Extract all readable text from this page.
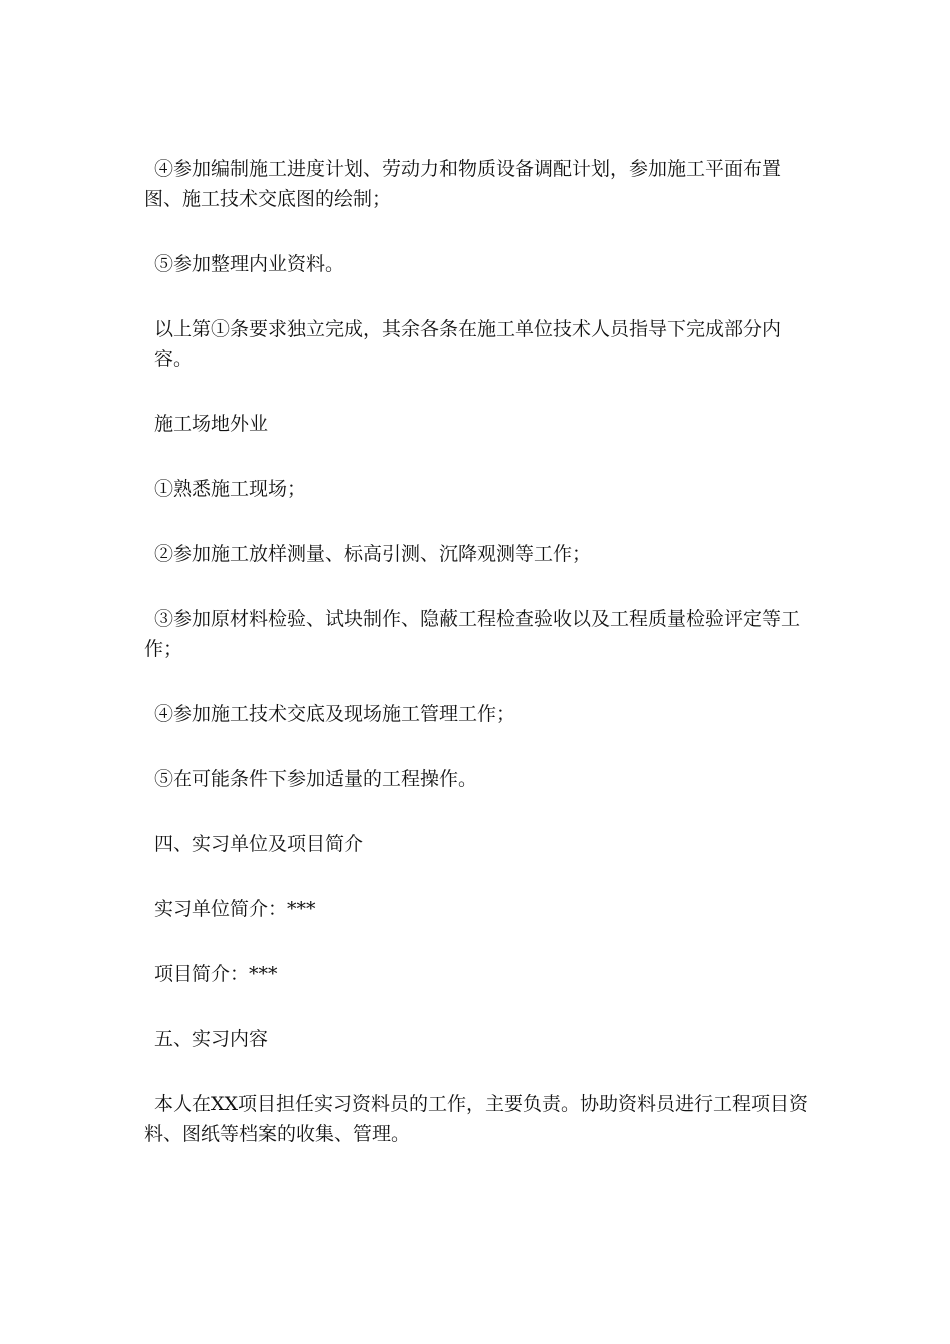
④参加编制施工进度计划、劳动力和物质设备调配计划，参加施工平面布置图、施工技术交底图的绘制；

⑤参加整理内业资料。

以上第①条要求独立完成，其余各条在施工单位技术人员指导下完成部分内容。

施工场地外业

①熟悉施工现场；

②参加施工放样测量、标高引测、沉降观测等工作；

③参加原材料检验、试块制作、隐蔽工程检查验收以及工程质量检验评定等工作；

④参加施工技术交底及现场施工管理工作；

⑤在可能条件下参加适量的工程操作。

四、实习单位及项目简介

实习单位简介：***

项目简介：***

五、实习内容

本人在XX项目担任实习资料员的工作，主要负责。协助资料员进行工程项目资料、图纸等档案的收集、管理。
